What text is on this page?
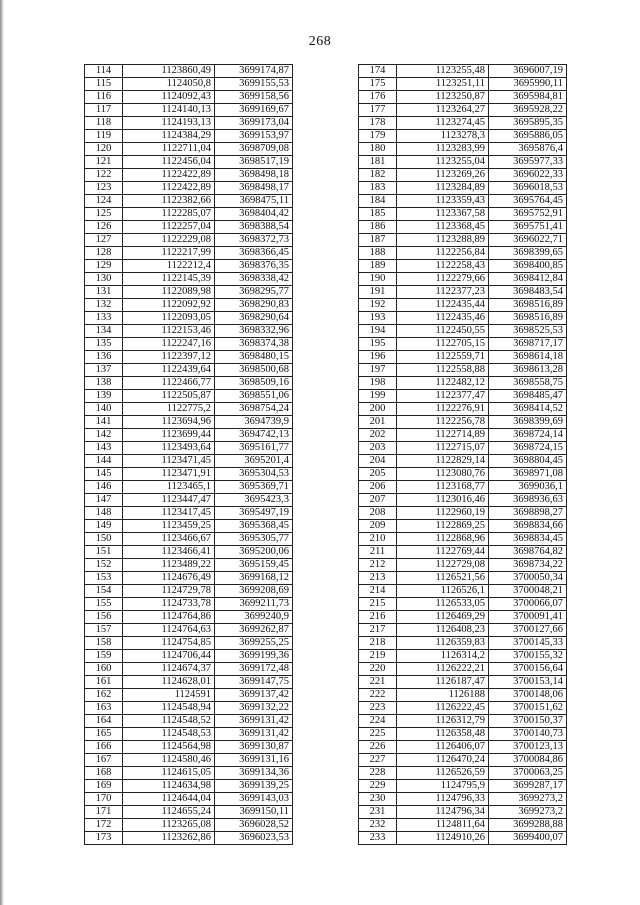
268
114	1123860,49	3699174,87
115	1124050,8	3699155,53
116	1124092,43	3699158,56
117	1124140,13	3699169,67
118	1124193,13	3699173,04
119	1124384,29	3699153,97
120	1122711,04	3698709,08
121	1122456,04	3698517,19
122	1122422,89	3698498,18
123	1122422,89	3698498,17
124	1122382,66	3698475,11
125	1122285,07	3698404,42
126	1122257,04	3698388,54
127	1122229,08	3698372,73
128	1122217,99	3698366,45
129	1122212,4	3698376,35
130	1122145,39	3698338,42
131	1122089,98	3698295,77
132	1122092,92	3698290,83
133	1122093,05	3698290,64
134	1122153,46	3698332,96
135	1122247,16	3698374,38
136	1122397,12	3698480,15
137	1122439,64	3698500,68
138	1122466,77	3698509,16
139	1122505,87	3698551,06
140	1122775,2	3698754,24
141	1123694,96	3694739,9
142	1123699,44	3694742,13
143	1123493,64	3695161,77
144	1123471,45	3695201,4
145	1123471,91	3695304,53
146	1123465,1	3695369,71
147	1123447,47	3695423,3
148	1123417,45	3695497,19
149	1123459,25	3695368,45
150	1123466,67	3695305,77
151	1123466,41	3695200,06
152	1123489,22	3695159,45
153	1124676,49	3699168,12
154	1124729,78	3699208,69
155	1124733,78	3699211,73
156	1124764,86	3699240,9
157	1124764,63	3699262,87
158	1124754,85	3699255,25
159	1124706,44	3699199,36
160	1124674,37	3699172,48
161	1124628,01	3699147,75
162	1124591	3699137,42
163	1124548,94	3699132,22
164	1124548,52	3699131,42
165	1124548,53	3699131,42
166	1124564,98	3699130,87
167	1124580,46	3699131,16
168	1124615,05	3699134,36
169	1124634,98	3699139,25
170	1124644,04	3699143,03
171	1124655,24	3699150,11
172	1123265,08	3696028,52
173	1123262,86	3696023,53
174	1123255,48	3696007,19
175	1123251,11	3695990,11
176	1123250,87	3695984,81
177	1123264,27	3695928,22
178	1123274,45	3695895,35
179	1123278,3	3695886,05
180	1123283,99	3695876,4
181	1123255,04	3695977,33
182	1123269,26	3696022,33
183	1123284,89	3696018,53
184	1123359,43	3695764,45
185	1123367,58	3695752,91
186	1123368,45	3695751,41
187	1123288,89	3696022,71
188	1122256,84	3698399,65
189	1122258,43	3698400,85
190	1122279,66	3698412,84
191	1122377,23	3698483,54
192	1122435,44	3698516,89
193	1122435,46	3698516,89
194	1122450,55	3698525,53
195	1122705,15	3698717,17
196	1122559,71	3698614,18
197	1122558,88	3698613,28
198	1122482,12	3698558,75
199	1122377,47	3698485,47
200	1122276,91	3698414,52
201	1122256,78	3698399,69
202	1122714,89	3698724,14
203	1122715,07	3698724,15
204	1122829,14	3698804,45
205	1123080,76	3698971,08
206	1123168,77	3699036,1
207	1123016,46	3698936,63
208	1122960,19	3698898,27
209	1122869,25	3698834,66
210	1122868,96	3698834,45
211	1122769,44	3698764,82
212	1122729,08	3698734,22
213	1126521,56	3700050,34
214	1126526,1	3700048,21
215	1126533,05	3700066,07
216	1126469,29	3700091,41
217	1126408,23	3700127,66
218	1126359,83	3700145,33
219	1126314,2	3700155,32
220	1126222,21	3700156,64
221	1126187,47	3700153,14
222	1126188	3700148,06
223	1126222,45	3700151,62
224	1126312,79	3700150,37
225	1126358,48	3700140,73
226	1126406,07	3700123,13
227	1126470,24	3700084,86
228	1126526,59	3700063,25
229	1124795,9	3699287,17
230	1124796,33	3699273,2
231	1124796,34	3699273,2
232	1124811,64	3699288,88
233	1124910,26	3699400,07
